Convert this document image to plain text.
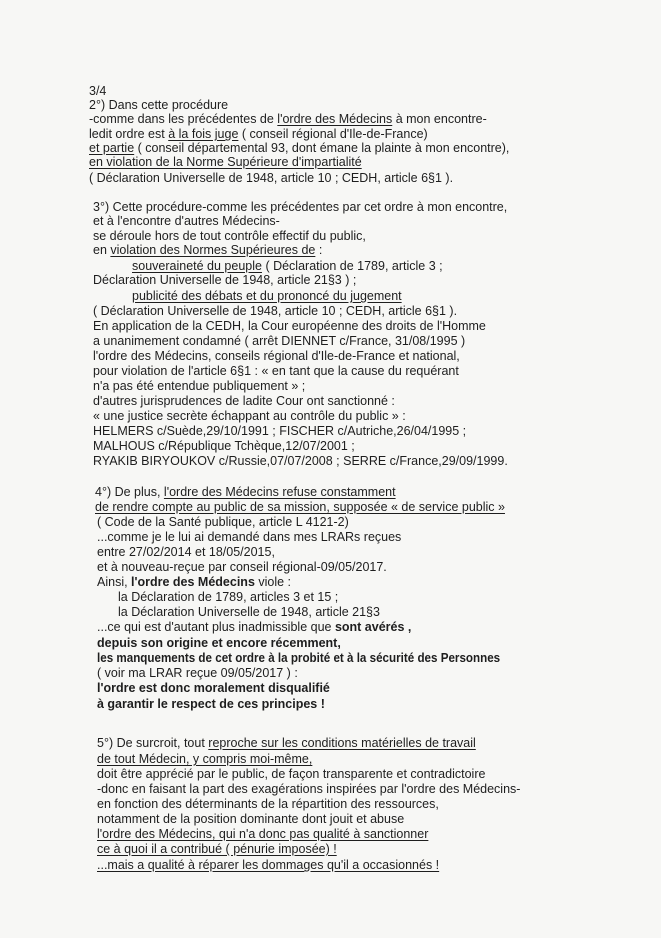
3/4
2°) Dans cette procédure
-comme dans les précédentes de l'ordre des Médecins à mon encontre-
ledit ordre est à la fois juge ( conseil régional d'Ile-de-France)
et partie ( conseil départemental 93, dont émane la plainte à mon encontre),
en violation de la Norme Supérieure d'impartialité
( Déclaration Universelle de 1948, article 10 ; CEDH, article 6§1 ).
3°) Cette procédure-comme les précédentes par cet ordre à mon encontre,
et à l'encontre d'autres Médecins-
se déroule hors de tout contrôle effectif du public,
en violation des Normes Supérieures de :
souveraineté du peuple ( Déclaration de 1789, article 3 ;
Déclaration Universelle de 1948, article 21§3 ) ;
publicité des débats et du prononcé du jugement
( Déclaration Universelle de 1948, article 10 ; CEDH, article 6§1 ).
En application de la CEDH, la Cour européenne des droits de l'Homme
a unanimement condamné ( arrêt DIENNET c/France, 31/08/1995 )
l'ordre des Médecins, conseils régional d'Ile-de-France et national,
pour violation de l'article 6§1 : « en tant que la cause du requérant
n'a pas été entendue publiquement » ;
d'autres jurisprudences de ladite Cour ont sanctionné :
« une justice secrète échappant au contrôle du public » :
HELMERS c/Suède,29/10/1991 ; FISCHER c/Autriche,26/04/1995 ;
MALHOUS c/République Tchèque,12/07/2001 ;
RYAKIB BIRYOUKOV c/Russie,07/07/2008 ; SERRE c/France,29/09/1999.
4°) De plus, l'ordre des Médecins refuse constamment
de rendre compte au public de sa mission, supposée « de service public »
( Code de la Santé publique, article L 4121-2)
...comme je le lui ai demandé dans mes LRARs reçues
entre 27/02/2014 et 18/05/2015,
et à nouveau-reçue par conseil régional-09/05/2017.
Ainsi, l'ordre des Médecins viole :
la Déclaration de 1789, articles 3 et 15 ;
la Déclaration Universelle de 1948, article 21§3
...ce qui est d'autant plus inadmissible que sont avérés ,
depuis son origine et encore récemment,
les manquements de cet ordre à la probité et à la sécurité des Personnes
( voir ma LRAR reçue 09/05/2017 ) :
l'ordre est donc moralement disqualifié
à garantir le respect de ces principes !
5°) De surcroit, tout reproche sur les conditions matérielles de travail
de tout Médecin, y compris moi-même,
doit être apprécié par le public, de façon transparente et contradictoire
-donc en faisant la part des exagérations inspirées par l'ordre des Médecins-
en fonction des déterminants de la répartition des ressources,
notamment de la position dominante dont jouit et abuse
l'ordre des Médecins, qui n'a donc pas qualité à sanctionner
ce à quoi il a contribué ( pénurie imposée) !
...mais a qualité à réparer les dommages qu'il a occasionnés !
